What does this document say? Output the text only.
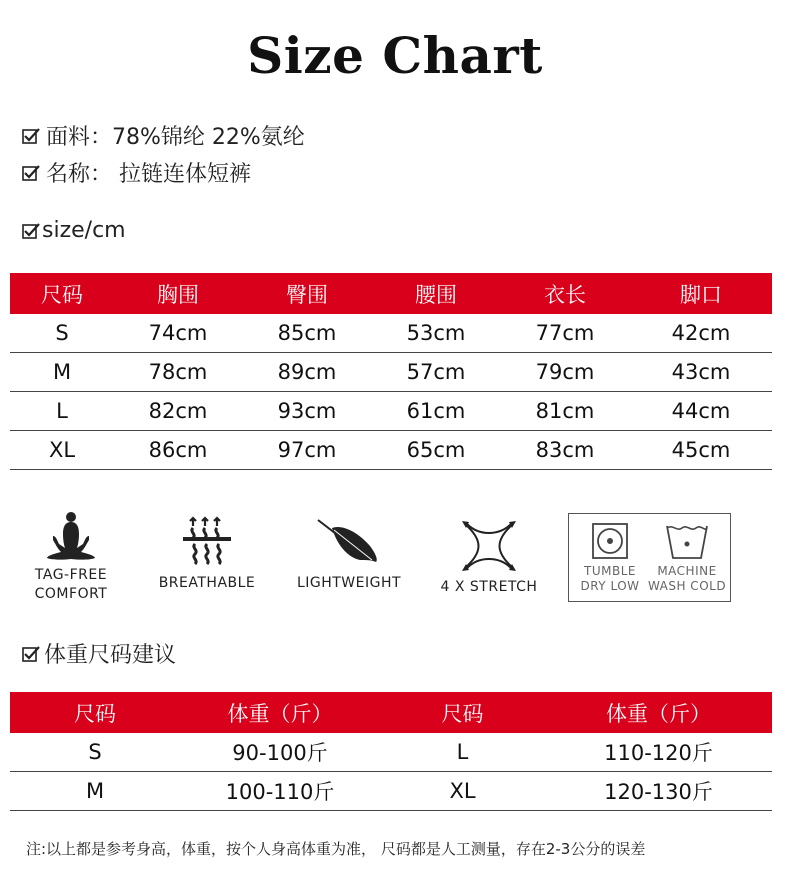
Size Chart
面料：78%锦纶 22%氨纶
名称： 拉链连体短裤
size/cm
尺码	胸围	臀围	腰围	衣长	脚口
S	74cm	85cm	53cm	77cm	42cm
M	78cm	89cm	57cm	79cm	43cm
L	82cm	93cm	61cm	81cm	44cm
XL	86cm	97cm	65cm	83cm	45cm
TAG-FREE
COMFORT
BREATHABLE	LIGHTWEIGHT	4 X STRETCH
TUMBLE
DRY LOW
MACHINE
WASH COLD
体重尺码建议
尺码	体重（斤）	尺码	体重（斤）
S	90-100斤	L	110-120斤
M	100-110斤	XL	120-130斤
注:以上都是参考身高，体重，按个人身高体重为准， 尺码都是人工测量，存在2-3公分的误差
